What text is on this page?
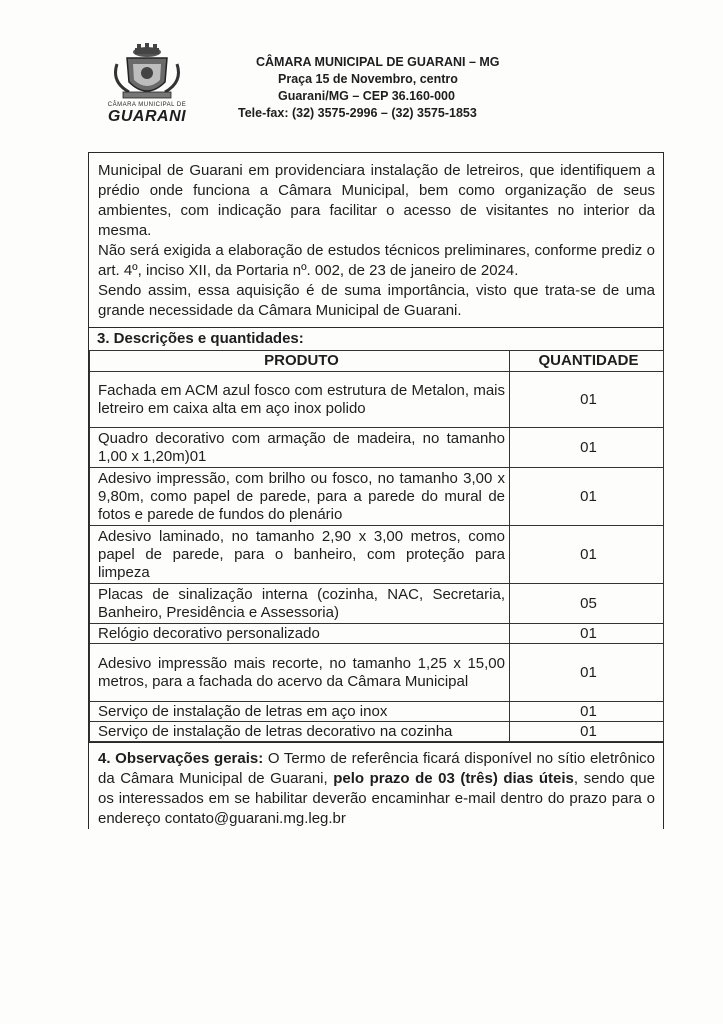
CÂMARA MUNICIPAL DE
GUARANI
CÂMARA MUNICIPAL DE GUARANI – MG
Praça 15 de Novembro, centro
Guarani/MG – CEP 36.160-000
Tele-fax: (32) 3575-2996 – (32) 3575-1853

Municipal de Guarani em providenciara instalação de letreiros, que identifiquem a prédio onde funciona a Câmara Municipal, bem como organização de seus ambientes, com indicação para facilitar o acesso de visitantes no interior da mesma.

Não será exigida a elaboração de estudos técnicos preliminares, conforme prediz o art. 4º, inciso XII, da Portaria nº. 002, de 23 de janeiro de 2024.

Sendo assim, essa aquisição é de suma importância, visto que trata-se de uma grande necessidade da Câmara Municipal de Guarani.

3. Descrições e quantidades:
PRODUTO	QUANTIDADE
Fachada em ACM azul fosco com estrutura de Metalon, mais letreiro em caixa alta em aço inox polido	01
Quadro decorativo com armação de madeira, no tamanho 1,00 x 1,20m)01	01
Adesivo impressão, com brilho ou fosco, no tamanho 3,00 x 9,80m, como papel de parede, para a parede do mural de fotos e parede de fundos do plenário	01
Adesivo laminado, no tamanho 2,90 x 3,00 metros, como papel de parede, para o banheiro, com proteção para limpeza	01
Placas de sinalização interna (cozinha, NAC, Secretaria, Banheiro, Presidência e Assessoria)	05
Relógio decorativo personalizado	01
Adesivo impressão mais recorte, no tamanho 1,25 x 15,00 metros, para a fachada do acervo da Câmara Municipal	01
Serviço de instalação de letras em aço inox	01
Serviço de instalação de letras decorativo na cozinha	01
4. Observações gerais: O Termo de referência ficará disponível no sítio eletrônico da Câmara Municipal de Guarani, pelo prazo de 03 (três) dias úteis, sendo que os interessados em se habilitar deverão encaminhar e-mail dentro do prazo para o endereço contato@guarani.mg.leg.br
